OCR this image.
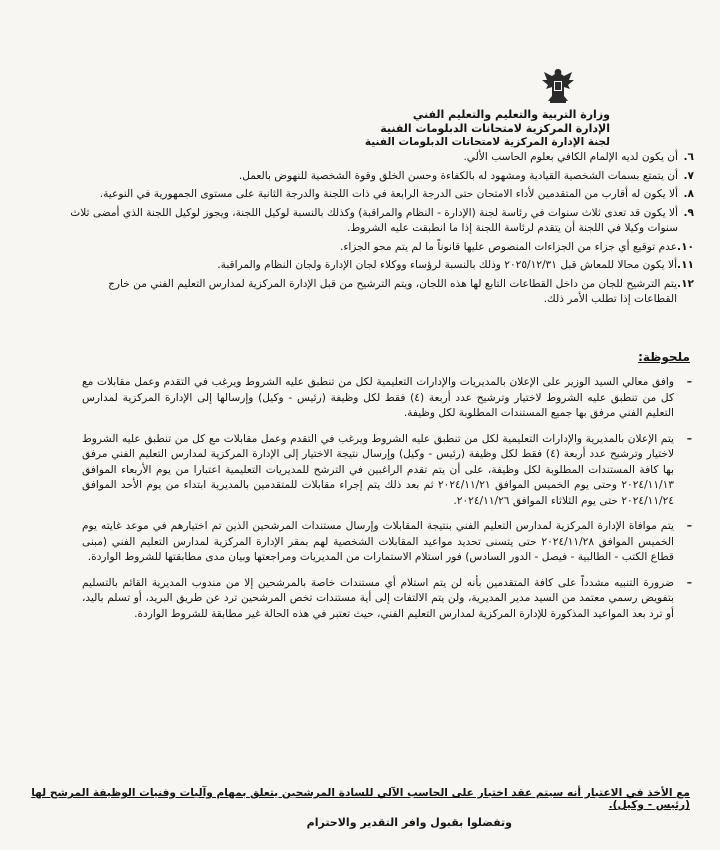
وزارة التربية والتعليم والتعليم الفني
الإدارة المركزية لامتحانات الدبلومات الفنية
لجنة الإدارة المركزية لامتحانات الدبلومات الفنية
٦.
أن يكون لديه الإلمام الكافي بعلوم الحاسب الألي.
٧.
أن يتمتع بسمات الشخصية القيادية ومشهود له بالكفاءة وحسن الخلق وقوة الشخصية للنهوض بالعمل.
٨.
ألا يكون له أقارب من المتقدمين لأداء الامتحان حتى الدرجة الرابعة في ذات اللجنة والدرجة الثانية على مستوى الجمهورية في النوعية.
٩.
ألا يكون قد تعدى ثلاث سنوات في رئاسة لجنة (الإدارة - النظام والمراقبة) وكذلك بالنسبة لوكيل اللجنة، ويجوز لوكيل اللجنة الذي أمضى ثلاث سنوات وكيلا في اللجنة أن يتقدم لرئاسة اللجنة إذا ما انطبقت عليه الشروط.
١٠.
عدم توقيع أي جزاء من الجزاءات المنصوص عليها قانوناً ما لم يتم محو الجزاء.
١١.
ألا يكون محالا للمعاش قبل ٢٠٢٥/١٢/٣١ وذلك بالنسبة لرؤساء ووكلاء لجان الإدارة ولجان النظام والمراقبة.
١٢.
يتم الترشيح للجان من داخل القطاعات التابع لها هذه اللجان، ويتم الترشيح من قبل الإدارة المركزية لمدارس التعليم الفني من خارج القطاعات إذا تطلب الأمر ذلك.
ملحوظة:
–
وافق معالي السيد الوزير على الإعلان بالمديريات والإدارات التعليمية لكل من تنطبق عليه الشروط ويرغب في التقدم وعمل مقابلات مع كل من تنطبق عليه الشروط لاختيار وترشيح عدد أربعة (٤) فقط لكل وظيفة (رئيس - وكيل) وإرسالها إلى الإدارة المركزية لمدارس التعليم الفني مرفق بها جميع المستندات المطلوبة لكل وظيفة.
–
يتم الإعلان بالمديرية والإدارات التعليمية لكل من تنطبق عليه الشروط ويرغب في التقدم وعمل مقابلات مع كل من تنطبق عليه الشروط لاختيار وترشيح عدد أربعة (٤) فقط لكل وظيفة (رئيس - وكيل) وإرسال نتيجة الاختيار إلى الإدارة المركزية لمدارس التعليم الفني مرفق بها كافة المستندات المطلوبة لكل وظيفة، على أن يتم تقدم الراغبين في الترشح للمديريات التعليمية اعتبارا من يوم الأربعاء الموافق ٢٠٢٤/١١/١٣ وحتى يوم الخميس الموافق ٢٠٢٤/١١/٢١ ثم بعد ذلك يتم إجراء مقابلات للمتقدمين بالمديرية ابتداء من يوم الأحد الموافق ٢٠٢٤/١١/٢٤ حتى يوم الثلاثاء الموافق ٢٠٢٤/١١/٢٦.
–
يتم موافاة الإدارة المركزية لمدارس التعليم الفني بنتيجة المقابلات وإرسال مستندات المرشحين الذين تم اختيارهم في موعد غايته يوم الخميس الموافق ٢٠٢٤/١١/٢٨ حتى يتسنى تحديد مواعيد المقابلات الشخصية لهم بمقر الإدارة المركزية لمدارس التعليم الفني (مبنى قطاع الكتب - الطالبية - فيصل - الدور السادس) فور استلام الاستمارات من المديريات ومراجعتها وبيان مدى مطابقتها للشروط الواردة.
–
ضرورة التنبيه مشدداً على كافة المتقدمين بأنه لن يتم استلام أي مستندات خاصة بالمرشحين إلا من مندوب المديرية القائم بالتسليم بتفويض رسمي معتمد من السيد مدير المديرية، ولن يتم الالتفات إلى أية مستندات تخص المرشحين ترد عن طريق البريد، أو تسلم باليد، أو ترد بعد المواعيد المذكورة للإدارة المركزية لمدارس التعليم الفني، حيث تعتبر في هذه الحالة غير مطابقة للشروط الواردة.
مع الأخذ في الاعتبار أنه سيتم عقد اختبار على الحاسب الآلي للسادة المرشحين يتعلق بمهام وآليات وفنيات الوظيفة المرشح لها (رئيس - وكيل).
وتفضلوا بقبول وافر التقدير والاحترام
